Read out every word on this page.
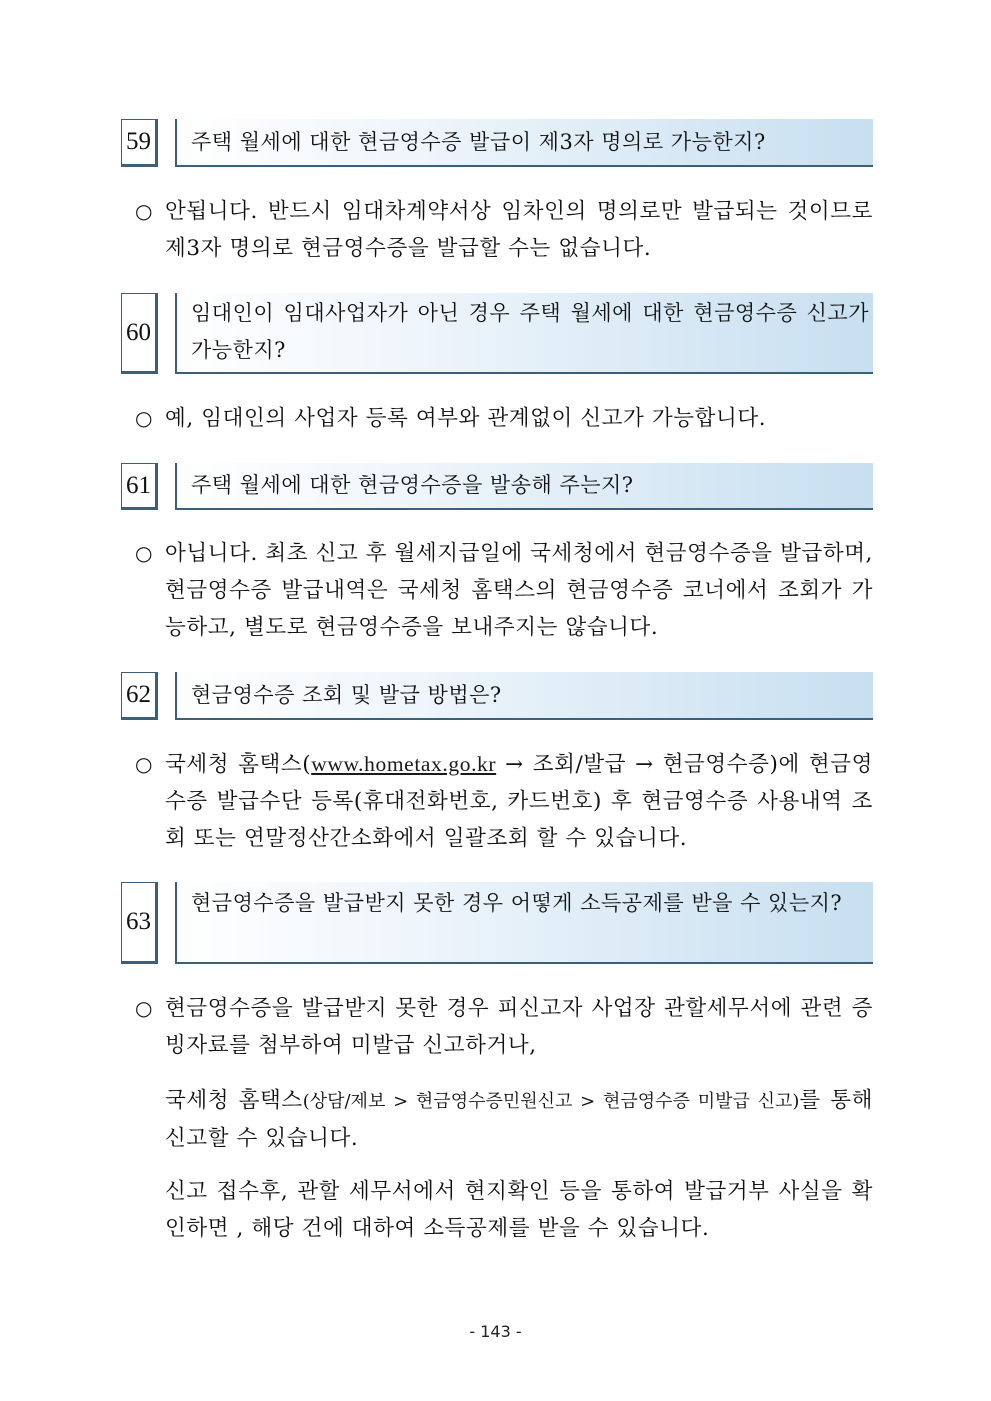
59	주택 월세에 대한 현금영수증 발급이 제3자 명의로 가능한지?
○ 안됩니다. 반드시 임대차계약서상 임차인의 명의로만 발급되는 것이므로 제3자 명의로 현금영수증을 발급할 수는 없습니다.
60
임대인이 임대사업자가 아닌 경우 주택 월세에 대한 현금영수증 신고가 가능한지?
○ 예, 임대인의 사업자 등록 여부와 관계없이 신고가 가능합니다.
61	주택 월세에 대한 현금영수증을 발송해 주는지?
○ 아닙니다. 최초 신고 후 월세지급일에 국세청에서 현금영수증을 발급하며, 현금영수증 발급내역은 국세청 홈택스의 현금영수증 코너에서 조회가 가능하고, 별도로 현금영수증을 보내주지는 않습니다.
62	현금영수증 조회 및 발급 방법은?
○ 국세청 홈택스(www.hometax.go.kr → 조회/발급 → 현금영수증)에 현금영수증 발급수단 등록(휴대전화번호, 카드번호) 후 현금영수증 사용내역 조회 또는 연말정산간소화에서 일괄조회 할 수 있습니다.
63
현금영수증을 발급받지 못한 경우 어떻게 소득공제를 받을 수 있는지?
○ 현금영수증을 발급받지 못한 경우 피신고자 사업장 관할세무서에 관련 증빙자료를 첨부하여 미발급 신고하거나,
국세청 홈택스(상담/제보 > 현금영수증민원신고 > 현금영수증 미발급 신고)를 통해 신고할 수 있습니다.
신고 접수후, 관할 세무서에서 현지확인 등을 통하여 발급거부 사실을 확인하면 , 해당 건에 대하여 소득공제를 받을 수 있습니다.
- 143 -
